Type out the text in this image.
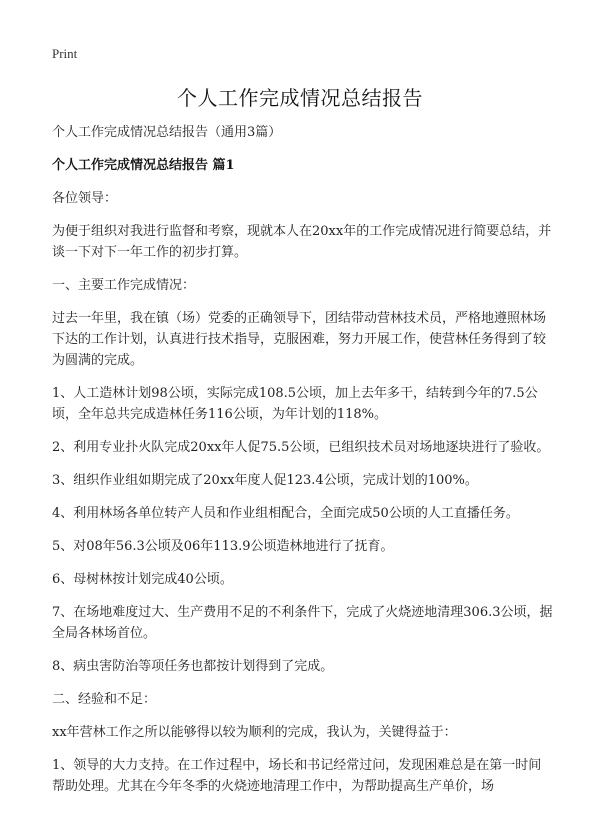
Print
个人工作完成情况总结报告

个人工作完成情况总结报告（通用3篇）

个人工作完成情况总结报告 篇1

各位领导：

为便于组织对我进行监督和考察，现就本人在20xx年的工作完成情况进行简要总结，并谈一下对下一年工作的初步打算。

一、主要工作完成情况：

过去一年里，我在镇（场）党委的正确领导下，团结带动营林技术员，严格地遵照林场下达的工作计划，认真进行技术指导，克服困难，努力开展工作，使营林任务得到了较为圆满的完成。

1、人工造林计划98公顷，实际完成108.5公顷，加上去年多干，结转到今年的7.5公顷，全年总共完成造林任务116公顷，为年计划的118%。

2、利用专业扑火队完成20xx年人促75.5公顷，已组织技术员对场地逐块进行了验收。

3、组织作业组如期完成了20xx年度人促123.4公顷，完成计划的100%。

4、利用林场各单位转产人员和作业组相配合，全面完成50公顷的人工直播任务。

5、对08年56.3公顷及06年113.9公顷造林地进行了抚育。

6、母树林按计划完成40公顷。

7、在场地难度过大、生产费用不足的不利条件下，完成了火烧迹地清理306.3公顷，据全局各林场首位。

8、病虫害防治等项任务也都按计划得到了完成。

二、经验和不足：

xx年营林工作之所以能够得以较为顺利的完成，我认为，关键得益于：

1、领导的大力支持。在工作过程中，场长和书记经常过问，发现困难总是在第一时间帮助处理。尤其在今年冬季的火烧迹地清理工作中，为帮助提高生产单价，场
